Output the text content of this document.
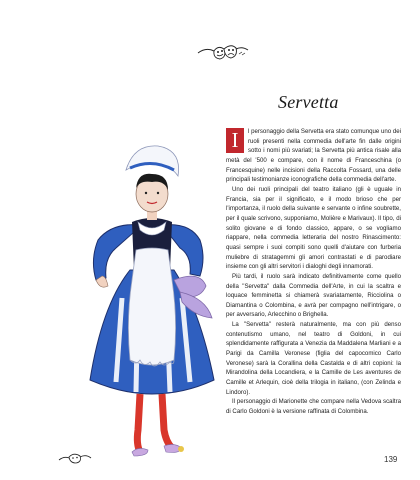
Servetta

I	l personaggio della Servetta era stato comunque uno dei ruoli presenti nella commedia dell'arte fin dalle origini sotto i nomi più svariati; la Servetta più antica risale alla metà del '500 e compare, con il nome di Franceschina (o Francesquine) nelle incisioni della Raccolta Fossard, una delle principali testimonianze iconografiche della commedia dell'arte.

Uno dei ruoli principali del teatro italiano (gli è uguale in Francia, sia per il significato, e il modo brioso che per l'importanza, il ruolo della suivante e servante o infine soubrette, per il quale scrivono, supponiamo, Molière e Marivaux). Il tipo, di solito giovane e di fondo classico, appare, o se vogliamo riappare, nella commedia letteraria del nostro Rinascimento: quasi sempre i suoi compiti sono quelli d'aiutare con furberia muliebre di stratagemmi gli amori contrastati e di parodiare insieme con gli altri servitori i dialoghi degli innamorati.

Più tardi, il ruolo sarà indicato definitivamente come quello della "Servetta" dalla Commedia dell'Arte, in cui la scaltra e loquace femminetta si chiamerà svariatamente, Ricciolina o Diamantina o Colombina, e avrà per compagno nell'intrigare, o per avversario, Arlecchino o Brighella.

La "Servetta" resterà naturalmente, ma con più denso contenutismo umano, nel teatro di Goldoni, in cui splendidamente raffigurata a Venezia da Maddalena Marliani e a Parigi da Camilla Veronese (figlia del capocomico Carlo Veronese) sarà la Corallina della Castalda e di altri copioni: la Mirandolina della Locandiera, e la Camille de Les aventures de Camille et Arlequin, cioè della trilogia in italiano, (con Zelinda e Lindoro).

Il personaggio di Marionette che compare nella Vedova scaltra di Carlo Goldoni è la versione raffinata di Colombina.

139
